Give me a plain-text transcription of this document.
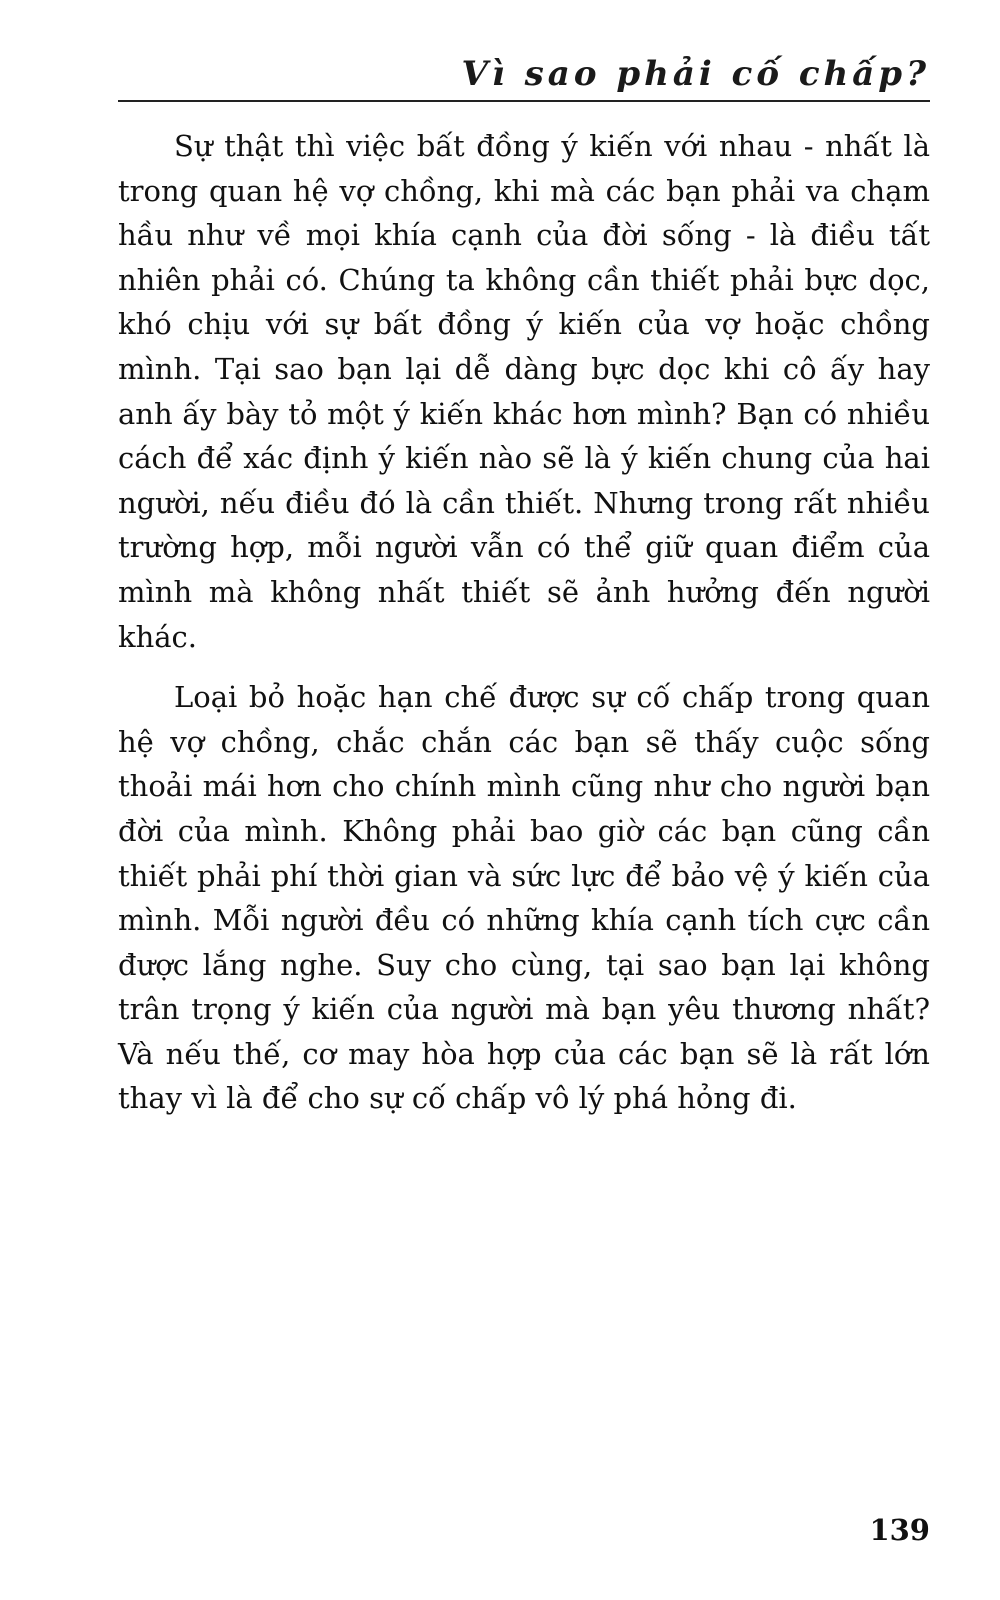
Vì sao phải cố chấp?

Sự thật thì việc bất đồng ý kiến với nhau - nhất là trong quan hệ vợ chồng, khi mà các bạn phải va chạm hầu như về mọi khía cạnh của đời sống - là điều tất nhiên phải có. Chúng ta không cần thiết phải bực dọc, khó chịu với sự bất đồng ý kiến của vợ hoặc chồng mình. Tại sao bạn lại dễ dàng bực dọc khi cô ấy hay anh ấy bày tỏ một ý kiến khác hơn mình? Bạn có nhiều cách để xác định ý kiến nào sẽ là ý kiến chung của hai người, nếu điều đó là cần thiết. Nhưng trong rất nhiều trường hợp, mỗi người vẫn có thể giữ quan điểm của mình mà không nhất thiết sẽ ảnh hưởng đến người khác.

Loại bỏ hoặc hạn chế được sự cố chấp trong quan hệ vợ chồng, chắc chắn các bạn sẽ thấy cuộc sống thoải mái hơn cho chính mình cũng như cho người bạn đời của mình. Không phải bao giờ các bạn cũng cần thiết phải phí thời gian và sức lực để bảo vệ ý kiến của mình. Mỗi người đều có những khía cạnh tích cực cần được lắng nghe. Suy cho cùng, tại sao bạn lại không trân trọng ý kiến của người mà bạn yêu thương nhất? Và nếu thế, cơ may hòa hợp của các bạn sẽ là rất lớn thay vì là để cho sự cố chấp vô lý phá hỏng đi.

139
